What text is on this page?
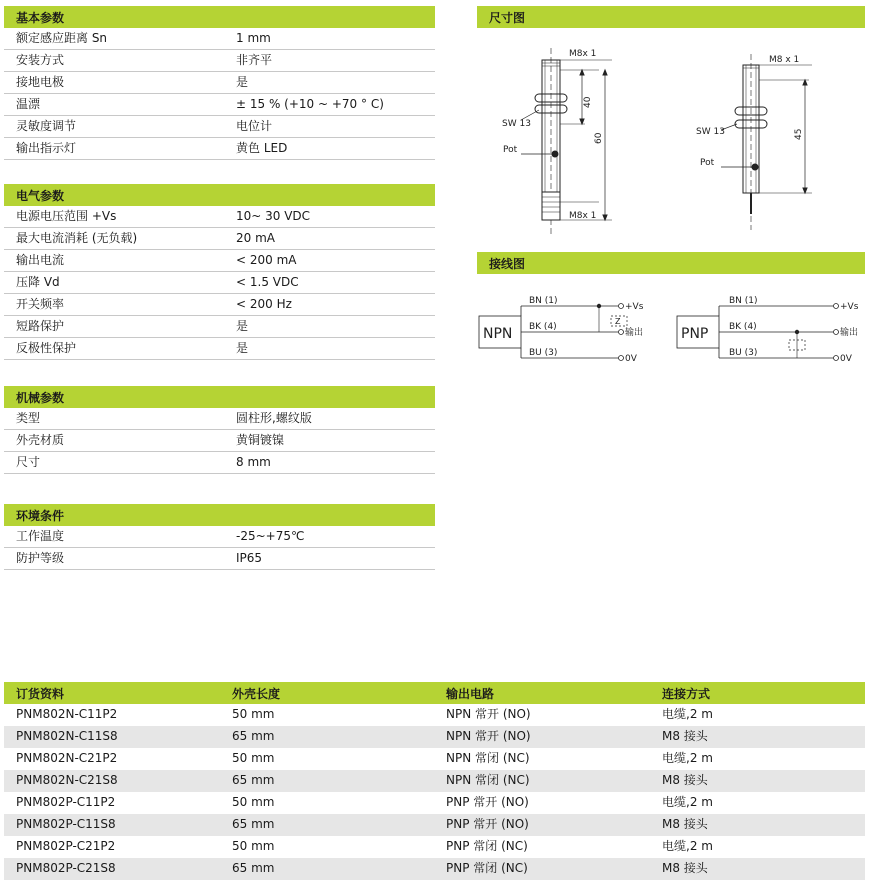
基本参数
额定感应距离 Sn	1 mm
安装方式	非齐平
接地电极	是
温漂	± 15 % (+10 ~ +70 ° C)
灵敏度调节	电位计
输出指示灯	黄色 LED
电气参数
电源电压范围 +Vs	10~ 30 VDC
最大电流消耗 (无负载)	20 mA
输出电流	< 200 mA
压降 Vd	< 1.5 VDC
开关频率	< 200 Hz
短路保护	是
反极性保护	是
机械参数
类型	圆柱形,螺纹版
外壳材质	黄铜镀镍
尺寸	8 mm
环境条件
工作温度	-25~+75℃
防护等级	IP65
尺寸图
M8x 1
M8x 1
M8 x 1
SW 13
Pot
SW 13
Pot
40
60	45
接线图
NPN
BN (1)
BK (4)
BU (3)
+Vs
输出
0V
Z
PNP
BN (1)
BK (4)
BU (3)
+Vs
输出
0V
订货资料	外壳长度	输出电路	连接方式
PNM802N-C11P2	50 mm	NPN 常开 (NO)	电缆,2 m
PNM802N-C11S8	65 mm	NPN 常开 (NO)	M8 接头
PNM802N-C21P2	50 mm	NPN 常闭 (NC)	电缆,2 m
PNM802N-C21S8	65 mm	NPN 常闭 (NC)	M8 接头
PNM802P-C11P2	50 mm	PNP 常开 (NO)	电缆,2 m
PNM802P-C11S8	65 mm	PNP 常开 (NO)	M8 接头
PNM802P-C21P2	50 mm	PNP 常闭 (NC)	电缆,2 m
PNM802P-C21S8	65 mm	PNP 常闭 (NC)	M8 接头
